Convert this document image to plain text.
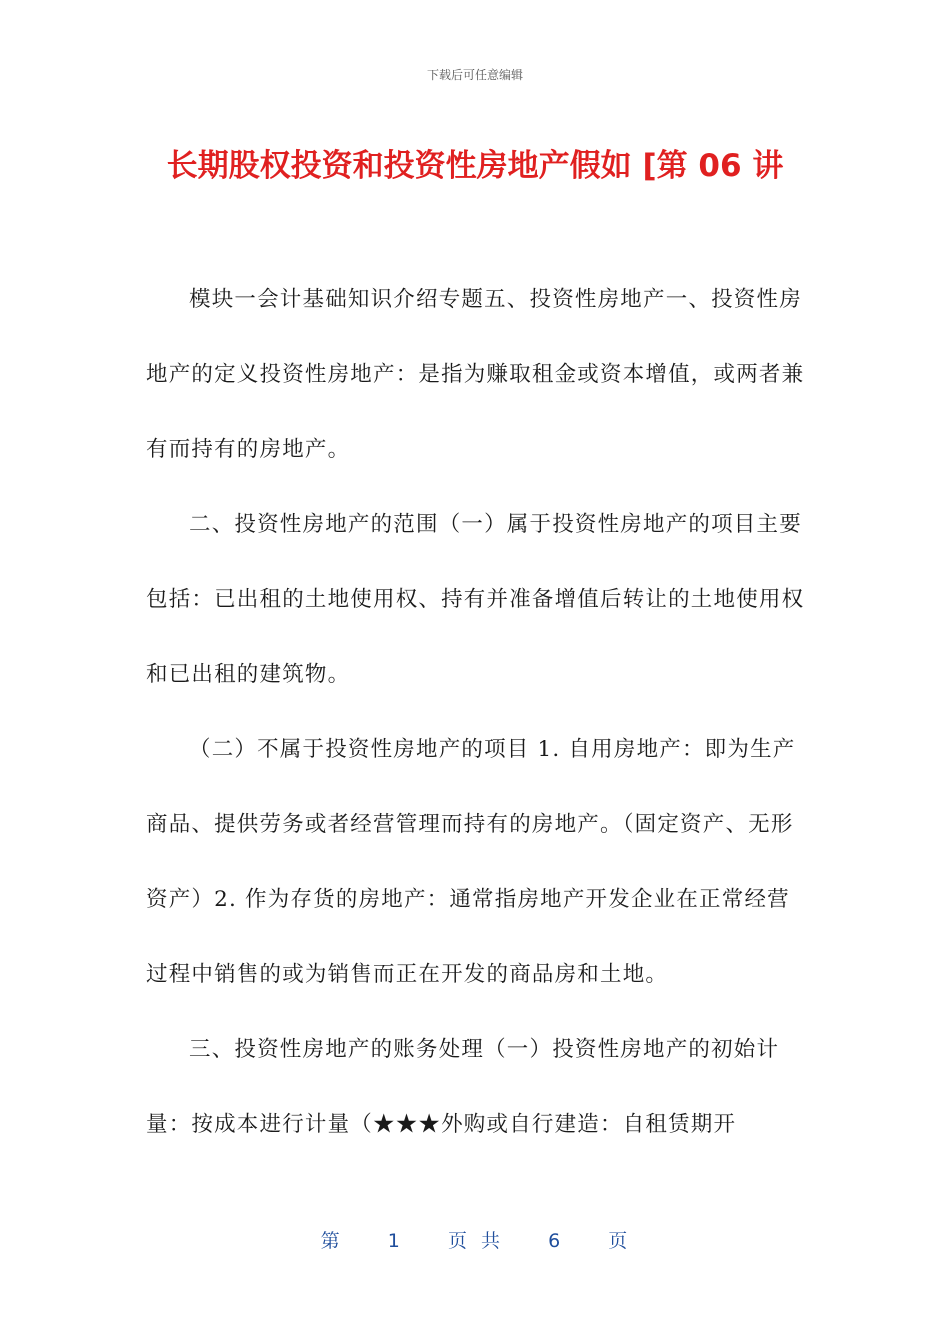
下载后可任意编辑
长期股权投资和投资性房地产假如 [第 06 讲

模块一会计基础知识介绍专题五、投资性房地产一、投资性房地产的定义投资性房地产：是指为赚取租金或资本增值，或两者兼有而持有的房地产。

二、投资性房地产的范围（一）属于投资性房地产的项目主要包括：已出租的土地使用权、持有并准备增值后转让的土地使用权和已出租的建筑物。

（二）不属于投资性房地产的项目 1. 自用房地产：即为生产商品、提供劳务或者经营管理而持有的房地产。（固定资产、无形资产）2. 作为存货的房地产：通常指房地产开发企业在正常经营过程中销售的或为销售而正在开发的商品房和土地。

三、投资性房地产的账务处理（一）投资性房地产的初始计量：按成本进行计量（★★★外购或自行建造：自租赁期开

第 1 页 共 6 页
